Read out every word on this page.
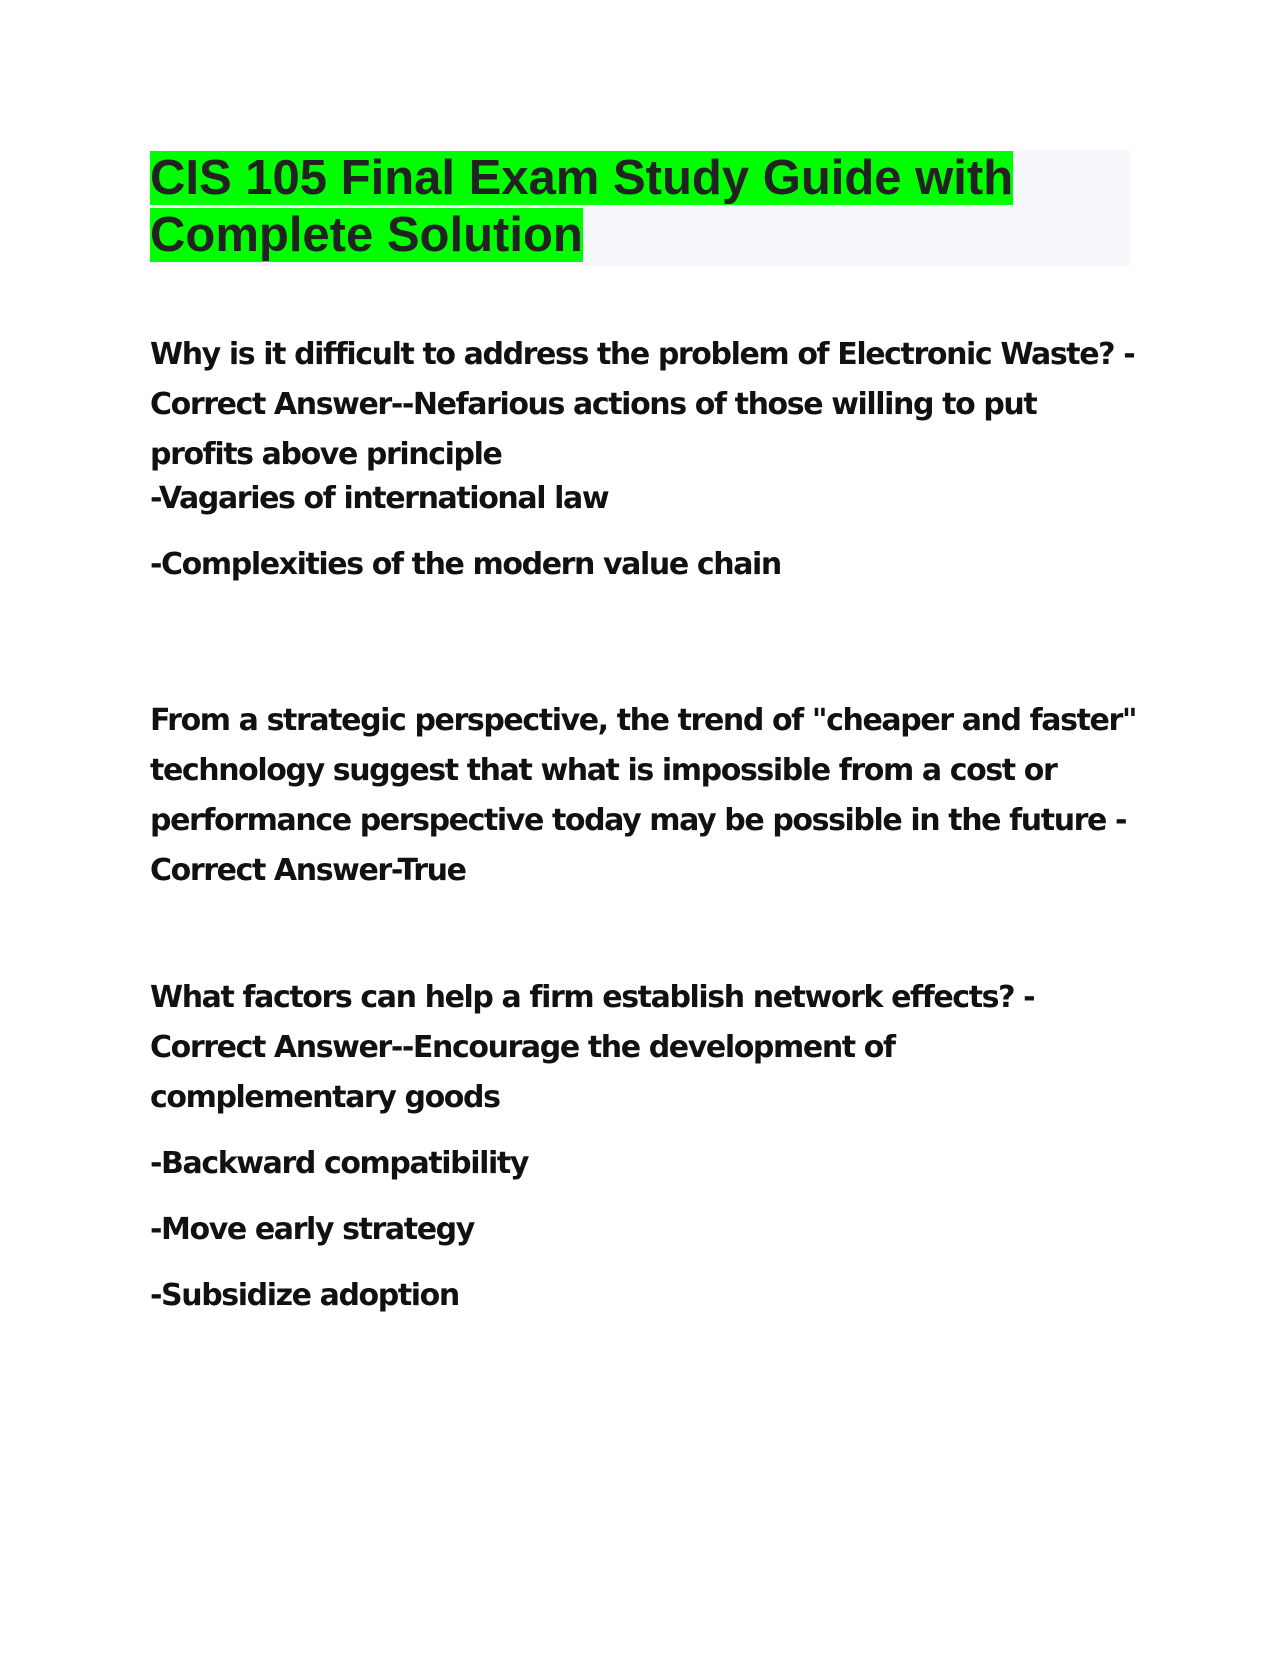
CIS 105 Final Exam Study Guide with
Complete Solution

Why is it difficult to address the problem of Electronic Waste? - Correct Answer--Nefarious actions of those willing to put profits above principle

-Vagaries of international law

-Complexities of the modern value chain

From a strategic perspective, the trend of "cheaper and faster" technology suggest that what is impossible from a cost or performance perspective today may be possible in the future - Correct Answer-True

What factors can help a firm establish network effects? - Correct Answer--Encourage the development of complementary goods

-Backward compatibility

-Move early strategy

-Subsidize adoption
